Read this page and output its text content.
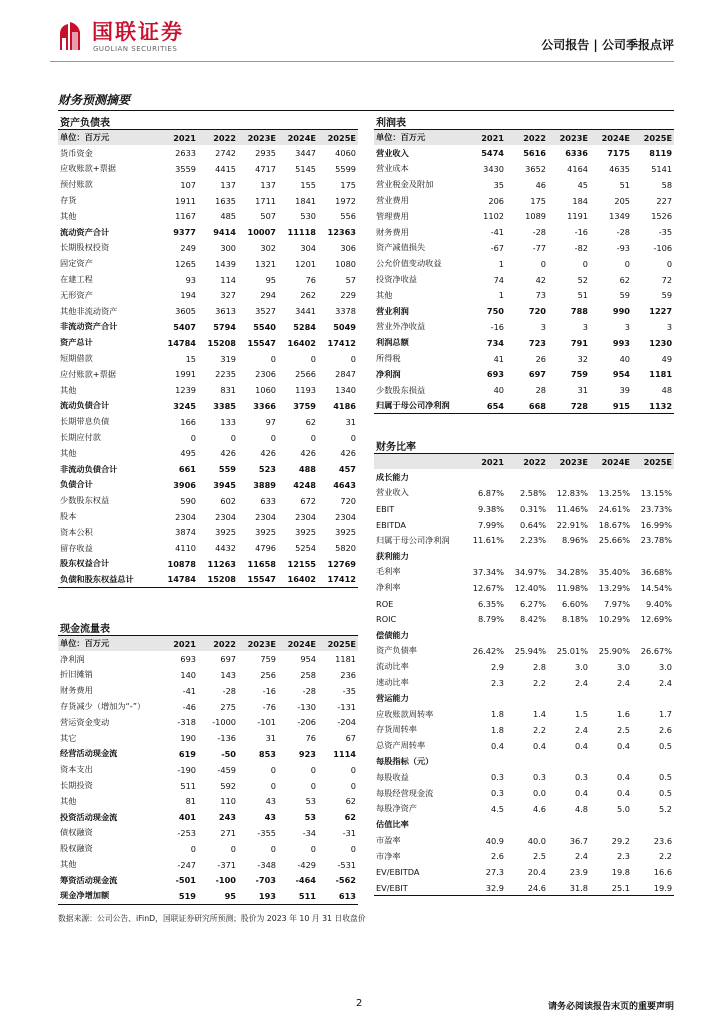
国联证券
GUOLIAN SECURITIES	公司报告 | 公司季报点评
财务预测摘要
资产负债表					
单位：百万元	2021	2022	2023E	2024E	2025E
货币资金	2633	2742	2935	3447	4060
应收账款+票据	3559	4415	4717	5145	5599
预付账款	107	137	137	155	175
存货	1911	1635	1711	1841	1972
其他	1167	485	507	530	556
流动资产合计	9377	9414	10007	11118	12363
长期股权投资	249	300	302	304	306
固定资产	1265	1439	1321	1201	1080
在建工程	93	114	95	76	57
无形资产	194	327	294	262	229
其他非流动资产	3605	3613	3527	3441	3378
非流动资产合计	5407	5794	5540	5284	5049
资产总计	14784	15208	15547	16402	17412
短期借款	15	319	0	0	0
应付账款+票据	1991	2235	2306	2566	2847
其他	1239	831	1060	1193	1340
流动负债合计	3245	3385	3366	3759	4186
长期带息负债	166	133	97	62	31
长期应付款	0	0	0	0	0
其他	495	426	426	426	426
非流动负债合计	661	559	523	488	457
负债合计	3906	3945	3889	4248	4643
少数股东权益	590	602	633	672	720
股本	2304	2304	2304	2304	2304
资本公积	3874	3925	3925	3925	3925
留存收益	4110	4432	4796	5254	5820
股东权益合计	10878	11263	11658	12155	12769
负债和股东权益总计	14784	15208	15547	16402	17412
现金流量表					
单位：百万元	2021	2022	2023E	2024E	2025E
净利润	693	697	759	954	1181
折旧摊销	140	143	256	258	236
财务费用	-41	-28	-16	-28	-35
存货减少（增加为“-”）	-46	275	-76	-130	-131
营运资金变动	-318	-1000	-101	-206	-204
其它	190	-136	31	76	67
经营活动现金流	619	-50	853	923	1114
资本支出	-190	-459	0	0	0
长期投资	511	592	0	0	0
其他	81	110	43	53	62
投资活动现金流	401	243	43	53	62
债权融资	-253	271	-355	-34	-31
股权融资	0	0	0	0	0
其他	-247	-371	-348	-429	-531
筹资活动现金流	-501	-100	-703	-464	-562
现金净增加额	519	95	193	511	613
利润表					
单位：百万元	2021	2022	2023E	2024E	2025E
营业收入	5474	5616	6336	7175	8119
营业成本	3430	3652	4164	4635	5141
营业税金及附加	35	46	45	51	58
营业费用	206	175	184	205	227
管理费用	1102	1089	1191	1349	1526
财务费用	-41	-28	-16	-28	-35
资产减值损失	-67	-77	-82	-93	-106
公允价值变动收益	1	0	0	0	0
投资净收益	74	42	52	62	72
其他	1	73	51	59	59
营业利润	750	720	788	990	1227
营业外净收益	-16	3	3	3	3
利润总额	734	723	791	993	1230
所得税	41	26	32	40	49
净利润	693	697	759	954	1181
少数股东损益	40	28	31	39	48
归属于母公司净利润	654	668	728	915	1132
财务比率					
	2021	2022	2023E	2024E	2025E
成长能力					
营业收入	6.87%	2.58%	12.83%	13.25%	13.15%
EBIT	9.38%	0.31%	11.46%	24.61%	23.73%
EBITDA	7.99%	0.64%	22.91%	18.67%	16.99%
归属于母公司净利润	11.61%	2.23%	8.96%	25.66%	23.78%
获利能力					
毛利率	37.34%	34.97%	34.28%	35.40%	36.68%
净利率	12.67%	12.40%	11.98%	13.29%	14.54%
ROE	6.35%	6.27%	6.60%	7.97%	9.40%
ROIC	8.79%	8.42%	8.18%	10.29%	12.69%
偿债能力					
资产负债率	26.42%	25.94%	25.01%	25.90%	26.67%
流动比率	2.9	2.8	3.0	3.0	3.0
速动比率	2.3	2.2	2.4	2.4	2.4
营运能力					
应收账款周转率	1.8	1.4	1.5	1.6	1.7
存货周转率	1.8	2.2	2.4	2.5	2.6
总资产周转率	0.4	0.4	0.4	0.4	0.5
每股指标（元）					
每股收益	0.3	0.3	0.3	0.4	0.5
每股经营现金流	0.3	0.0	0.4	0.4	0.5
每股净资产	4.5	4.6	4.8	5.0	5.2
估值比率					
市盈率	40.9	40.0	36.7	29.2	23.6
市净率	2.6	2.5	2.4	2.3	2.2
EV/EBITDA	27.3	20.4	23.9	19.8	16.6
EV/EBIT	32.9	24.6	31.8	25.1	19.9
数据来源：公司公告、iFinD，国联证券研究所预测；股价为 2023 年 10 月 31 日收盘价
2	请务必阅读报告末页的重要声明
